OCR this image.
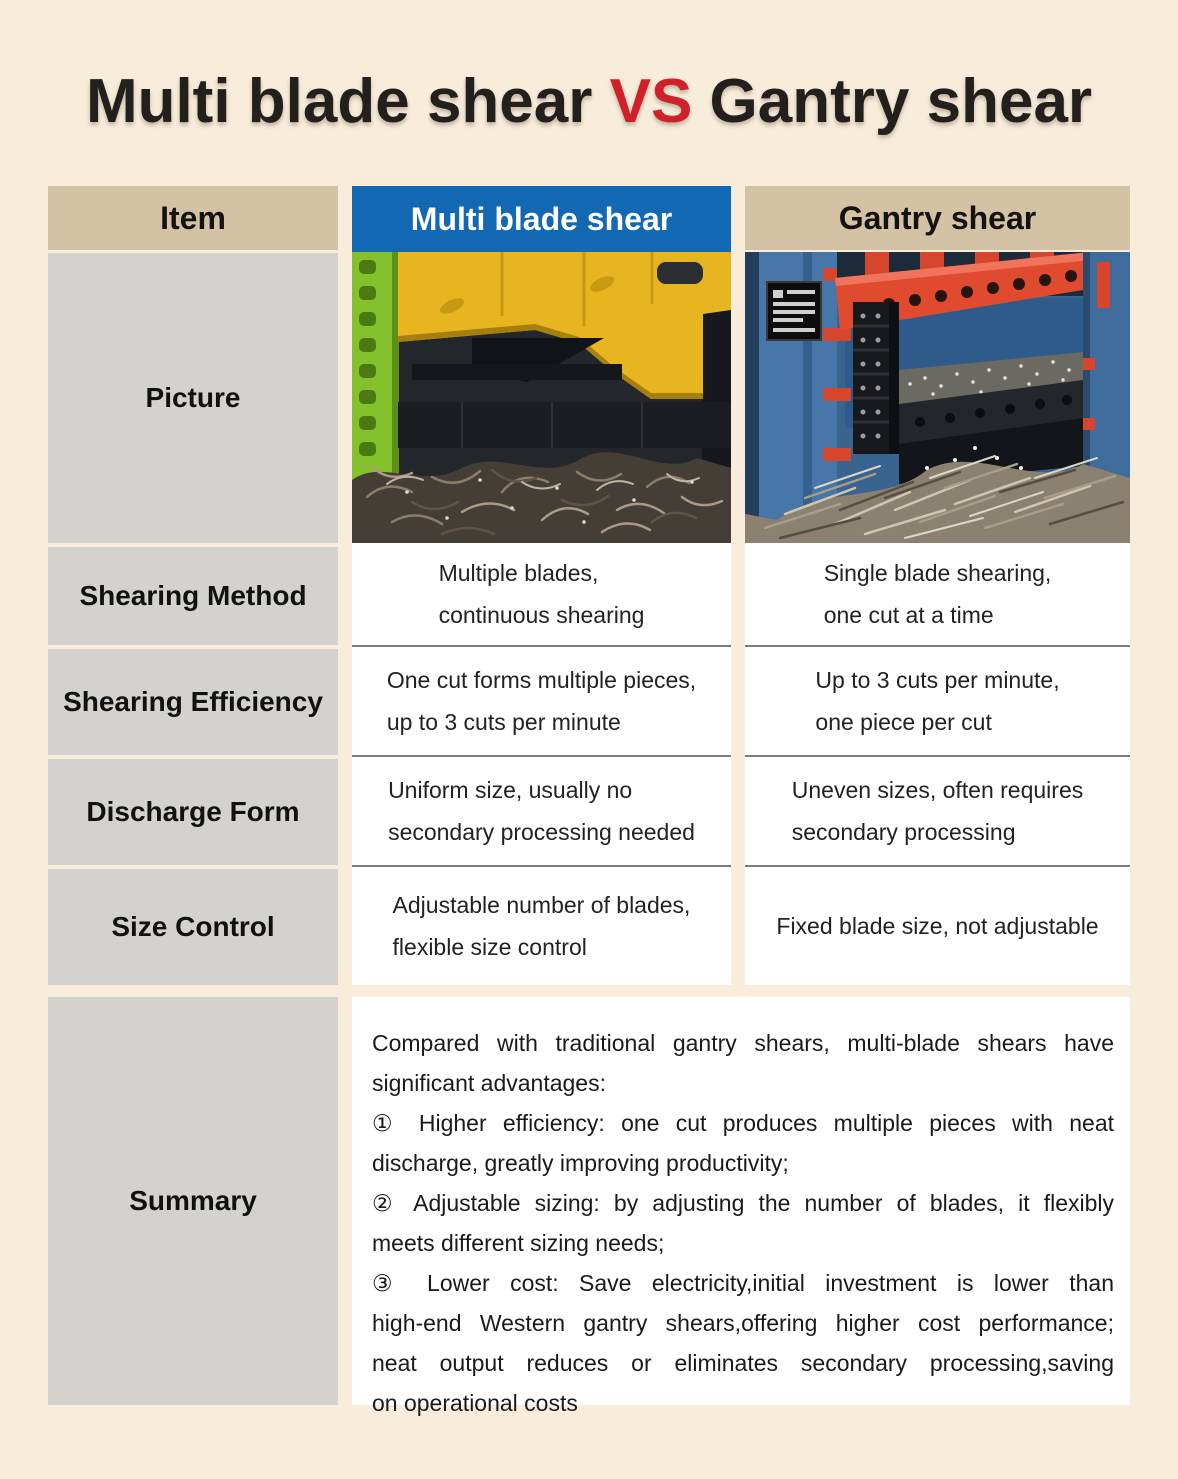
Multi blade shear VS Gantry shear
Item	Multi blade shear	Gantry shear
Picture
Shearing Method
Shearing Efficiency
Discharge Form
Size Control
Summary
Multiple blades,
continuous shearing
One cut forms multiple pieces,
up to 3 cuts per minute
Uniform size, usually no
secondary processing needed
Adjustable number of blades,
flexible size control
Single blade shearing,
one cut at a time
Up to 3 cuts per minute,
one piece per cut
Uneven sizes, often requires
secondary processing
Fixed blade size, not adjustable
Compared with traditional gantry shears, multi-blade shears have
significant advantages:
① Higher efficiency: one cut produces multiple pieces with neat
discharge, greatly improving productivity;
② Adjustable sizing: by adjusting the number of blades, it flexibly
meets different sizing needs;
③ Lower cost: Save electricity,initial investment is lower than
high-end Western gantry shears,offering higher cost performance;
neat output reduces or eliminates secondary processing,saving
on operational costs
